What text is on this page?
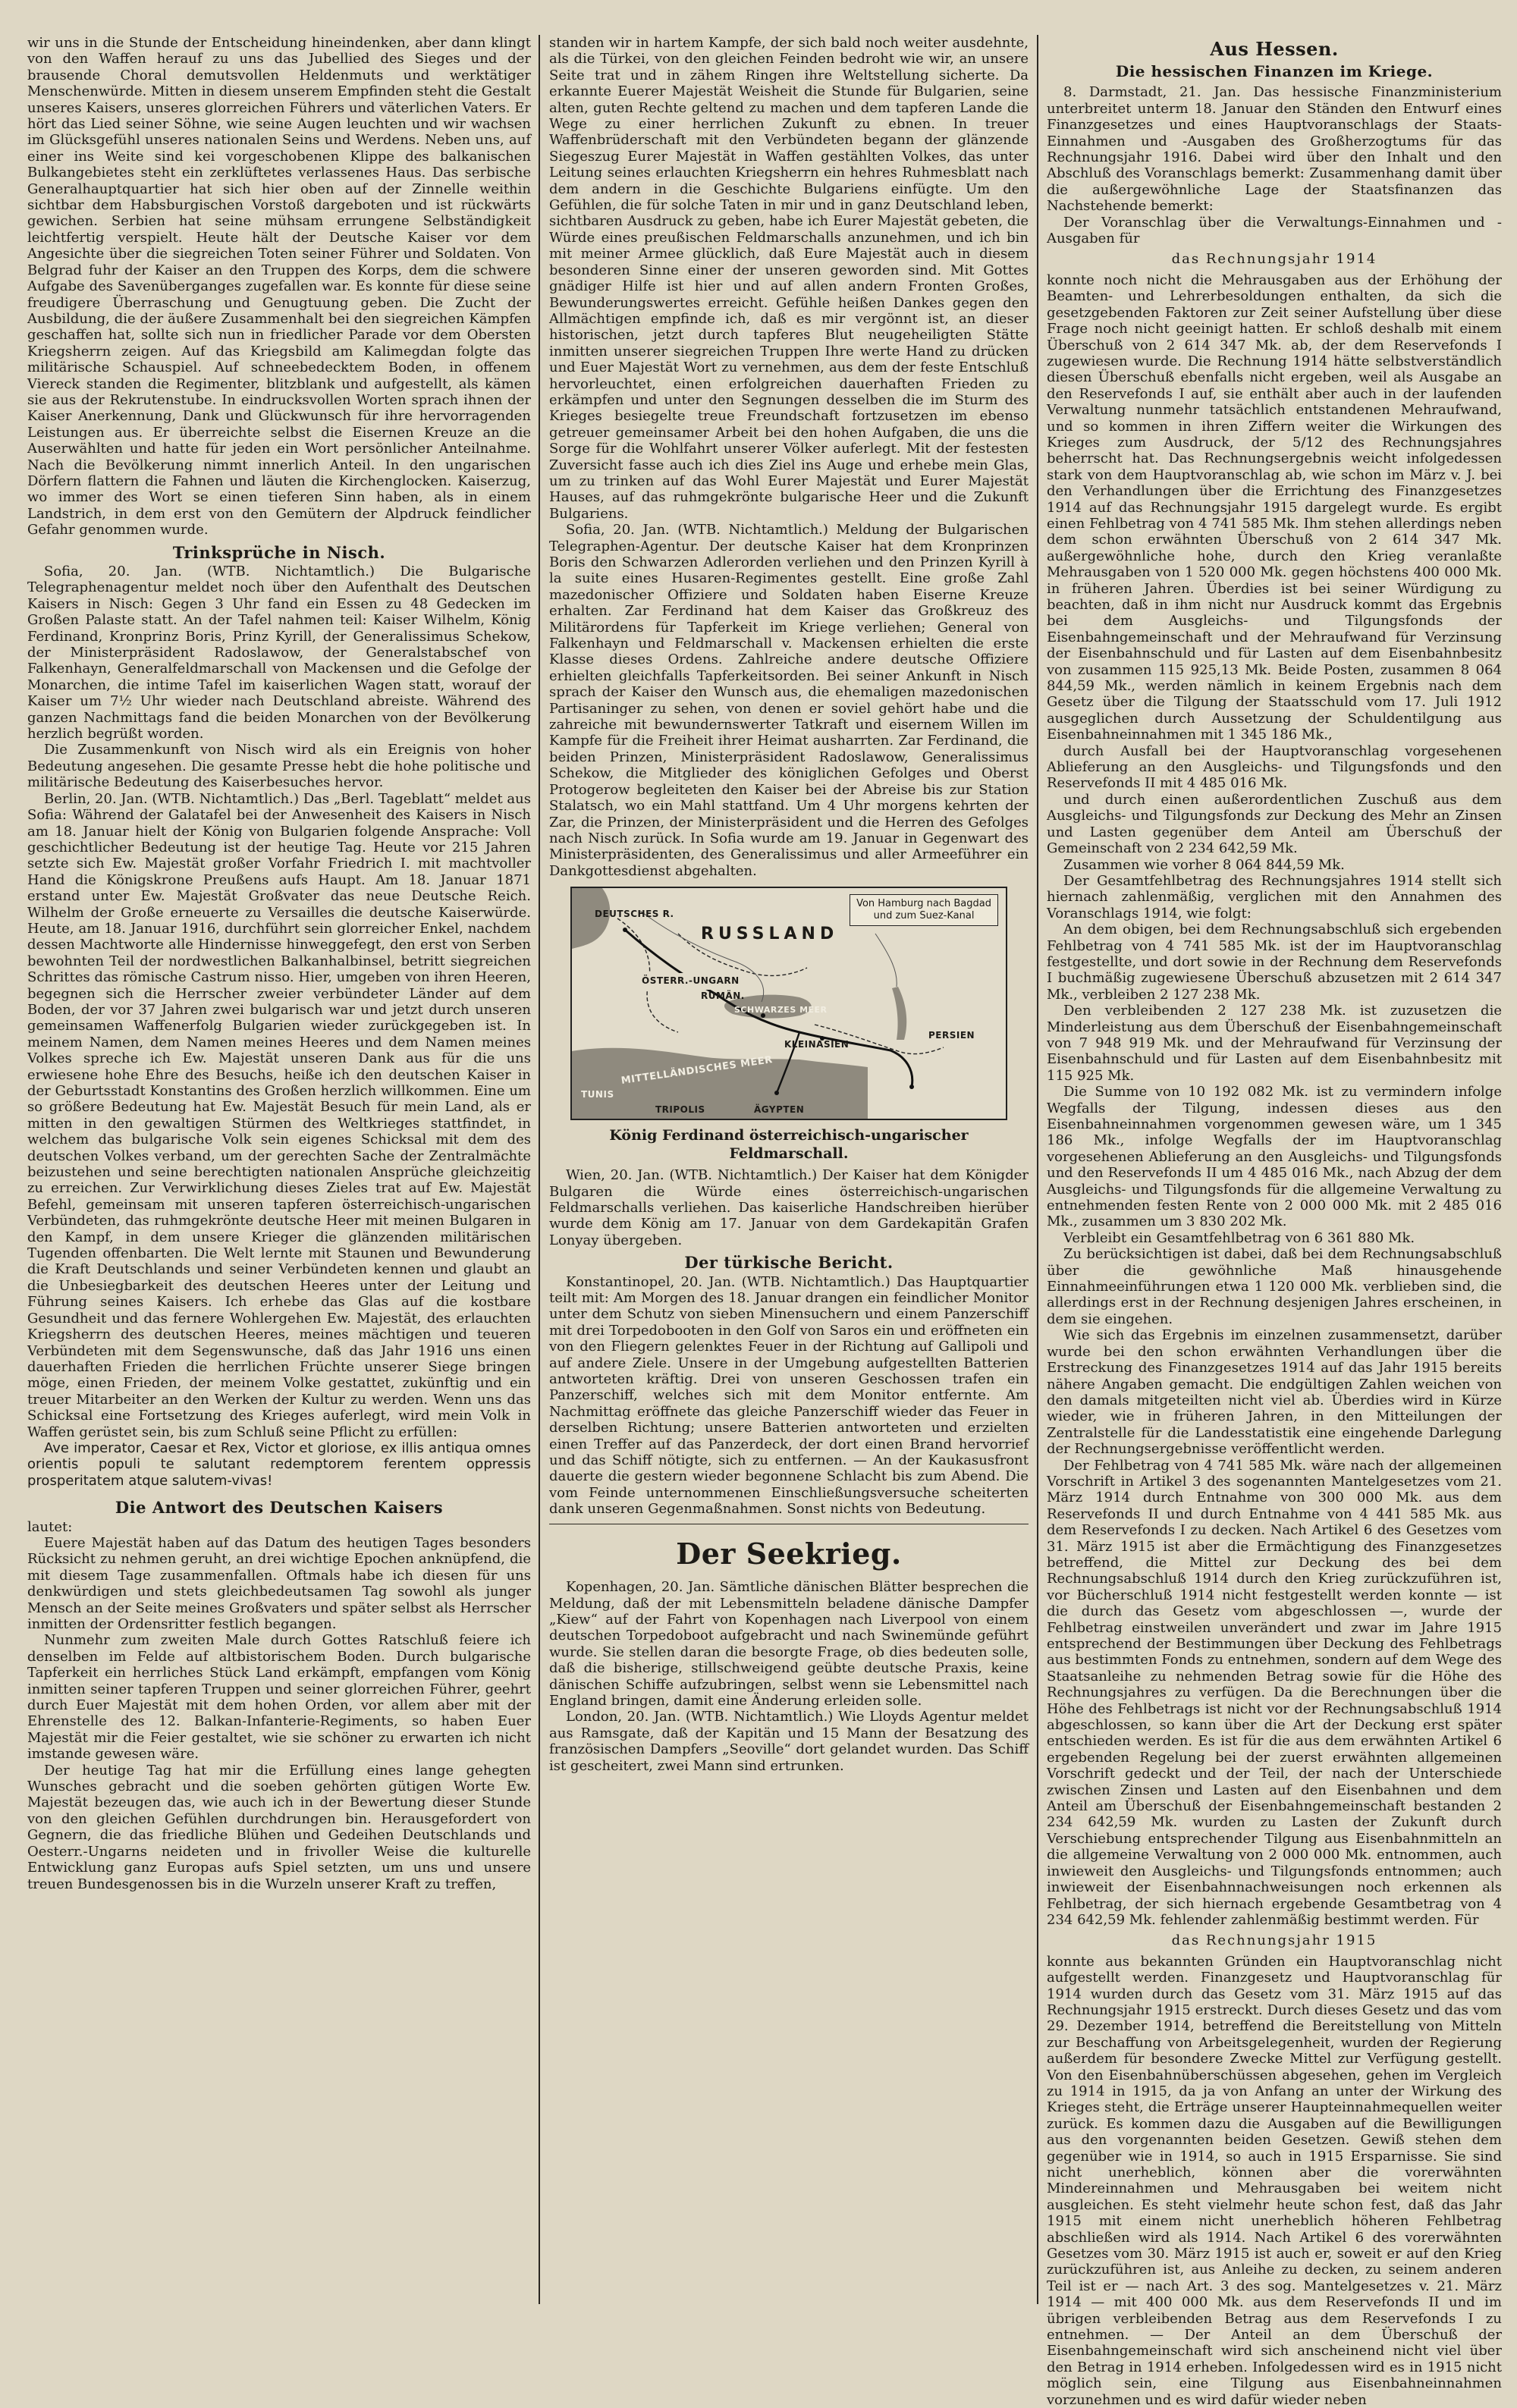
wir uns in die Stunde der Entscheidung hineindenken, aber dann klingt von den Waffen herauf zu uns das Jubellied des Sieges und der brausende Choral demutsvollen Heldenmuts und werktätiger Menschenwürde. Mitten in diesem unserem Empfinden steht die Gestalt unseres Kaisers, unseres glorreichen Führers und väterlichen Vaters. Er hört das Lied seiner Söhne, wie seine Augen leuchten und wir wachsen im Glücksgefühl unseres nationalen Seins und Werdens. Neben uns, auf einer ins Weite sind kei vorgeschobenen Klippe des balkanischen Bulkangebietes steht ein zerklüftetes verlassenes Haus. Das serbische Generalhauptquartier hat sich hier oben auf der Zinnelle weithin sichtbar dem Habsburgischen Vorstoß dargeboten und ist rückwärts gewichen. Serbien hat seine mühsam errungene Selbständigkeit leichtfertig verspielt. Heute hält der Deutsche Kaiser vor dem Angesichte über die siegreichen Toten seiner Führer und Soldaten. Von Belgrad fuhr der Kaiser an den Truppen des Korps, dem die schwere Aufgabe des Savenüberganges zugefallen war. Es konnte für diese seine freudigere Überraschung und Genugtuung geben. Die Zucht der Ausbildung, die der äußere Zusammenhalt bei den siegreichen Kämpfen geschaffen hat, sollte sich nun in friedlicher Parade vor dem Obersten Kriegsherrn zeigen. Auf das Kriegsbild am Kalimegdan folgte das militärische Schauspiel. Auf schneebedecktem Boden, in offenem Viereck standen die Regimenter, blitzblank und aufgestellt, als kämen sie aus der Rekrutenstube. In eindrucksvollen Worten sprach ihnen der Kaiser Anerkennung, Dank und Glückwunsch für ihre hervorragenden Leistungen aus. Er überreichte selbst die Eisernen Kreuze an die Auserwählten und hatte für jeden ein Wort persönlicher Anteilnahme. Nach die Bevölkerung nimmt innerlich Anteil. In den ungarischen Dörfern flattern die Fahnen und läuten die Kirchenglocken. Kaiserzug, wo immer des Wort se einen tieferen Sinn haben, als in einem Landstrich, in dem erst von den Gemütern der Alpdruck feindlicher Gefahr genommen wurde.

Trinksprüche in Nisch.

Sofia, 20. Jan. (WTB. Nichtamtlich.) Die Bulgarische Telegraphenagentur meldet noch über den Aufenthalt des Deutschen Kaisers in Nisch: Gegen 3 Uhr fand ein Essen zu 48 Gedecken im Großen Palaste statt. An der Tafel nahmen teil: Kaiser Wilhelm, König Ferdinand, Kronprinz Boris, Prinz Kyrill, der Generalissimus Schekow, der Ministerpräsident Radoslawow, der Generalstabschef von Falkenhayn, Generalfeldmarschall von Mackensen und die Gefolge der Monarchen, die intime Tafel im kaiserlichen Wagen statt, worauf der Kaiser um 7½ Uhr wieder nach Deutschland abreiste. Während des ganzen Nachmittags fand die beiden Monarchen von der Bevölkerung herzlich begrüßt worden.

Die Zusammenkunft von Nisch wird als ein Ereignis von hoher Bedeutung angesehen. Die gesamte Presse hebt die hohe politische und militärische Bedeutung des Kaiserbesuches hervor.

Berlin, 20. Jan. (WTB. Nichtamtlich.) Das „Berl. Tageblatt“ meldet aus Sofia: Während der Galatafel bei der Anwesenheit des Kaisers in Nisch am 18. Januar hielt der König von Bulgarien folgende Ansprache: Voll geschichtlicher Bedeutung ist der heutige Tag. Heute vor 215 Jahren setzte sich Ew. Majestät großer Vorfahr Friedrich I. mit machtvoller Hand die Königskrone Preußens aufs Haupt. Am 18. Januar 1871 erstand unter Ew. Majestät Großvater das neue Deutsche Reich. Wilhelm der Große erneuerte zu Versailles die deutsche Kaiserwürde. Heute, am 18. Januar 1916, durchführt sein glorreicher Enkel, nachdem dessen Machtworte alle Hindernisse hinweggefegt, den erst von Serben bewohnten Teil der nordwestlichen Balkanhalbinsel, betritt siegreichen Schrittes das römische Castrum nisso. Hier, umgeben von ihren Heeren, begegnen sich die Herrscher zweier verbündeter Länder auf dem Boden, der vor 37 Jahren zwei bulgarisch war und jetzt durch unseren gemeinsamen Waffenerfolg Bulgarien wieder zurückgegeben ist. In meinem Namen, dem Namen meines Heeres und dem Namen meines Volkes spreche ich Ew. Majestät unseren Dank aus für die uns erwiesene hohe Ehre des Besuchs, heiße ich den deutschen Kaiser in der Geburtsstadt Konstantins des Großen herzlich willkommen. Eine um so größere Bedeutung hat Ew. Majestät Besuch für mein Land, als er mitten in den gewaltigen Stürmen des Weltkrieges stattfindet, in welchem das bulgarische Volk sein eigenes Schicksal mit dem des deutschen Volkes verband, um der gerechten Sache der Zentralmächte beizustehen und seine berechtigten nationalen Ansprüche gleichzeitig zu erreichen. Zur Verwirklichung dieses Zieles trat auf Ew. Majestät Befehl, gemeinsam mit unseren tapferen österreichisch-ungarischen Verbündeten, das ruhmgekrönte deutsche Heer mit meinen Bulgaren in den Kampf, in dem unsere Krieger die glänzenden militärischen Tugenden offenbarten. Die Welt lernte mit Staunen und Bewunderung die Kraft Deutschlands und seiner Verbündeten kennen und glaubt an die Unbesiegbarkeit des deutschen Heeres unter der Leitung und Führung seines Kaisers. Ich erhebe das Glas auf die kostbare Gesundheit und das fernere Wohlergehen Ew. Majestät, des erlauchten Kriegsherrn des deutschen Heeres, meines mächtigen und teueren Verbündeten mit dem Segenswunsche, daß das Jahr 1916 uns einen dauerhaften Frieden die herrlichen Früchte unserer Siege bringen möge, einen Frieden, der meinem Volke gestattet, zukünftig und ein treuer Mitarbeiter an den Werken der Kultur zu werden. Wenn uns das Schicksal eine Fortsetzung des Krieges auferlegt, wird mein Volk in Waffen gerüstet sein, bis zum Schluß seine Pflicht zu erfüllen:

Ave imperator, Caesar et Rex, Victor et gloriose, ex illis antiqua omnes orientis populi te salutant redemptorem ferentem oppressis prosperitatem atque salutem-vivas!

Die Antwort des Deutschen Kaisers

lautet:

Euere Majestät haben auf das Datum des heutigen Tages besonders Rücksicht zu nehmen geruht, an drei wichtige Epochen anknüpfend, die mit diesem Tage zusammenfallen. Oftmals habe ich diesen für uns denkwürdigen und stets gleichbedeutsamen Tag sowohl als junger Mensch an der Seite meines Großvaters und später selbst als Herrscher inmitten der Ordensritter festlich begangen.

Nunmehr zum zweiten Male durch Gottes Ratschluß feiere ich denselben im Felde auf altbistorischem Boden. Durch bulgarische Tapferkeit ein herrliches Stück Land erkämpft, empfangen vom König inmitten seiner tapferen Truppen und seiner glorreichen Führer, geehrt durch Euer Majestät mit dem hohen Orden, vor allem aber mit der Ehrenstelle des 12. Balkan-Infanterie-Regiments, so haben Euer Majestät mir die Feier gestaltet, wie sie schöner zu erwarten ich nicht imstande gewesen wäre.

Der heutige Tag hat mir die Erfüllung eines lange gehegten Wunsches gebracht und die soeben gehörten gütigen Worte Ew. Majestät bezeugen das, wie auch ich in der Bewertung dieser Stunde von den gleichen Gefühlen durchdrungen bin. Herausgefordert von Gegnern, die das friedliche Blühen und Gedeihen Deutschlands und Oesterr.-Ungarns neideten und in frivoller Weise die kulturelle Entwicklung ganz Europas aufs Spiel setzten, um uns und unsere treuen Bundesgenossen bis in die Wurzeln unserer Kraft zu treffen,

standen wir in hartem Kampfe, der sich bald noch weiter ausdehnte, als die Türkei, von den gleichen Feinden bedroht wie wir, an unsere Seite trat und in zähem Ringen ihre Weltstellung sicherte. Da erkannte Euerer Majestät Weisheit die Stunde für Bulgarien, seine alten, guten Rechte geltend zu machen und dem tapferen Lande die Wege zu einer herrlichen Zukunft zu ebnen. In treuer Waffenbrüderschaft mit den Verbündeten begann der glänzende Siegeszug Eurer Majestät in Waffen gestählten Volkes, das unter Leitung seines erlauchten Kriegsherrn ein hehres Ruhmesblatt nach dem andern in die Geschichte Bulgariens einfügte. Um den Gefühlen, die für solche Taten in mir und in ganz Deutschland leben, sichtbaren Ausdruck zu geben, habe ich Eurer Majestät gebeten, die Würde eines preußischen Feldmarschalls anzunehmen, und ich bin mit meiner Armee glücklich, daß Eure Majestät auch in diesem besonderen Sinne einer der unseren geworden sind. Mit Gottes gnädiger Hilfe ist hier und auf allen andern Fronten Großes, Bewunderungswertes erreicht. Gefühle heißen Dankes gegen den Allmächtigen empfinde ich, daß es mir vergönnt ist, an dieser historischen, jetzt durch tapferes Blut neugeheiligten Stätte inmitten unserer siegreichen Truppen Ihre werte Hand zu drücken und Euer Majestät Wort zu vernehmen, aus dem der feste Entschluß hervorleuchtet, einen erfolgreichen dauerhaften Frieden zu erkämpfen und unter den Segnungen desselben die im Sturm des Krieges besiegelte treue Freundschaft fortzusetzen im ebenso getreuer gemeinsamer Arbeit bei den hohen Aufgaben, die uns die Sorge für die Wohlfahrt unserer Völker auferlegt. Mit der festesten Zuversicht fasse auch ich dies Ziel ins Auge und erhebe mein Glas, um zu trinken auf das Wohl Eurer Majestät und Eurer Majestät Hauses, auf das ruhmgekrönte bulgarische Heer und die Zukunft Bulgariens.

Sofia, 20. Jan. (WTB. Nichtamtlich.) Meldung der Bulgarischen Telegraphen-Agentur. Der deutsche Kaiser hat dem Kronprinzen Boris den Schwarzen Adlerorden verliehen und den Prinzen Kyrill à la suite eines Husaren-Regimentes gestellt. Eine große Zahl mazedonischer Offiziere und Soldaten haben Eiserne Kreuze erhalten. Zar Ferdinand hat dem Kaiser das Großkreuz des Militärordens für Tapferkeit im Kriege verliehen; General von Falkenhayn und Feldmarschall v. Mackensen erhielten die erste Klasse dieses Ordens. Zahlreiche andere deutsche Offiziere erhielten gleichfalls Tapferkeitsorden. Bei seiner Ankunft in Nisch sprach der Kaiser den Wunsch aus, die ehemaligen mazedonischen Partisaninger zu sehen, von denen er soviel gehört habe und die zahreiche mit bewundernswerter Tatkraft und eisernem Willen im Kampfe für die Freiheit ihrer Heimat ausharrten. Zar Ferdinand, die beiden Prinzen, Ministerpräsident Radoslawow, Generalissimus Schekow, die Mitglieder des königlichen Gefolges und Oberst Protogerow begleiteten den Kaiser bei der Abreise bis zur Station Stalatsch, wo ein Mahl stattfand. Um 4 Uhr morgens kehrten der Zar, die Prinzen, der Ministerpräsident und die Herren des Gefolges nach Nisch zurück. In Sofia wurde am 19. Januar in Gegenwart des Ministerpräsidenten, des Generalissimus und aller Armeeführer ein Dankgottesdienst abgehalten.

Von Hamburg nach Bagdad
und zum Suez-Kanal
DEUTSCHES R.
RUSSLAND
ÖSTERR.-UNGARN
RUMÄN.
SCHWARZES MEER
KLEINASIEN
PERSIEN
MITTELLÄNDISCHES MEER
TUNIS
TRIPOLIS	ÄGYPTEN
König Ferdinand österreichisch-ungarischer
Feldmarschall.

Wien, 20. Jan. (WTB. Nichtamtlich.) Der Kaiser hat dem Königder Bulgaren die Würde eines österreichisch-ungarischen Feldmarschalls verliehen. Das kaiserliche Handschreiben hierüber wurde dem König am 17. Januar von dem Gardekapitän Grafen Lonyay übergeben.

Der türkische Bericht.

Konstantinopel, 20. Jan. (WTB. Nichtamtlich.) Das Hauptquartier teilt mit: Am Morgen des 18. Januar drangen ein feindlicher Monitor unter dem Schutz von sieben Minensuchern und einem Panzerschiff mit drei Torpedobooten in den Golf von Saros ein und eröffneten ein von den Fliegern gelenktes Feuer in der Richtung auf Gallipoli und auf andere Ziele. Unsere in der Umgebung aufgestellten Batterien antworteten kräftig. Drei von unseren Geschossen trafen ein Panzerschiff, welches sich mit dem Monitor entfernte. Am Nachmittag eröffnete das gleiche Panzerschiff wieder das Feuer in derselben Richtung; unsere Batterien antworteten und erzielten einen Treffer auf das Panzerdeck, der dort einen Brand hervorrief und das Schiff nötigte, sich zu entfernen. — An der Kaukasusfront dauerte die gestern wieder begonnene Schlacht bis zum Abend. Die vom Feinde unternommenen Einschließungsversuche scheiterten dank unseren Gegenmaßnahmen. Sonst nichts von Bedeutung.

Der Seekrieg.

Kopenhagen, 20. Jan. Sämtliche dänischen Blätter besprechen die Meldung, daß der mit Lebensmitteln beladene dänische Dampfer „Kiew“ auf der Fahrt von Kopenhagen nach Liverpool von einem deutschen Torpedoboot aufgebracht und nach Swinemünde geführt wurde. Sie stellen daran die besorgte Frage, ob dies bedeuten solle, daß die bisherige, stillschweigend geübte deutsche Praxis, keine dänischen Schiffe aufzubringen, selbst wenn sie Lebensmittel nach England bringen, damit eine Änderung erleiden solle.

London, 20. Jan. (WTB. Nichtamtlich.) Wie Lloyds Agentur meldet aus Ramsgate, daß der Kapitän und 15 Mann der Besatzung des französischen Dampfers „Seoville“ dort gelandet wurden. Das Schiff ist gescheitert, zwei Mann sind ertrunken.

Aus Hessen.
Die hessischen Finanzen im Kriege.

8. Darmstadt, 21. Jan. Das hessische Finanzministerium unterbreitet unterm 18. Januar den Ständen den Entwurf eines Finanzgesetzes und eines Hauptvoranschlags der Staats-Einnahmen und -Ausgaben des Großherzogtums für das Rechnungsjahr 1916. Dabei wird über den Inhalt und den Abschluß des Voranschlags bemerkt: Zusammenhang damit über die außergewöhnliche Lage der Staatsfinanzen das Nachstehende bemerkt:

Der Voranschlag über die Verwaltungs-Einnahmen und -Ausgaben für

das Rechnungsjahr 1914

konnte noch nicht die Mehrausgaben aus der Erhöhung der Beamten- und Lehrerbesoldungen enthalten, da sich die gesetzgebenden Faktoren zur Zeit seiner Aufstellung über diese Frage noch nicht geeinigt hatten. Er schloß deshalb mit einem Überschuß von 2 614 347 Mk. ab, der dem Reservefonds I zugewiesen wurde. Die Rechnung 1914 hätte selbstverständlich diesen Überschuß ebenfalls nicht ergeben, weil als Ausgabe an den Reservefonds I auf, sie enthält aber auch in der laufenden Verwaltung nunmehr tatsächlich entstandenen Mehraufwand, und so kommen in ihren Ziffern weiter die Wirkungen des Krieges zum Ausdruck, der 5/12 des Rechnungsjahres beherrscht hat. Das Rechnungsergebnis weicht infolgedessen stark von dem Hauptvoranschlag ab, wie schon im März v. J. bei den Verhandlungen über die Errichtung des Finanzgesetzes 1914 auf das Rechnungsjahr 1915 dargelegt wurde. Es ergibt einen Fehlbetrag von 4 741 585 Mk. Ihm stehen allerdings neben dem schon erwähnten Überschuß von 2 614 347 Mk. außergewöhnliche hohe, durch den Krieg veranlaßte Mehrausgaben von 1 520 000 Mk. gegen höchstens 400 000 Mk. in früheren Jahren. Überdies ist bei seiner Würdigung zu beachten, daß in ihm nicht nur Ausdruck kommt das Ergebnis bei dem Ausgleichs- und Tilgungsfonds der Eisenbahngemeinschaft und der Mehraufwand für Verzinsung der Eisenbahnschuld und für Lasten auf dem Eisenbahnbesitz von zusammen 115 925,13 Mk. Beide Posten, zusammen 8 064 844,59 Mk., werden nämlich in keinem Ergebnis nach dem Gesetz über die Tilgung der Staatsschuld vom 17. Juli 1912 ausgeglichen durch Aussetzung der Schuldentilgung aus Eisenbahneinnahmen mit 1 345 186 Mk.,

durch Ausfall bei der Hauptvoranschlag vorgesehenen Ablieferung an den Ausgleichs- und Tilgungsfonds und den Reservefonds II mit 4 485 016 Mk.

und durch einen außerordentlichen Zuschuß aus dem Ausgleichs- und Tilgungsfonds zur Deckung des Mehr an Zinsen und Lasten gegenüber dem Anteil am Überschuß der Gemeinschaft von 2 234 642,59 Mk.

Zusammen wie vorher 8 064 844,59 Mk.

Der Gesamtfehlbetrag des Rechnungsjahres 1914 stellt sich hiernach zahlenmäßig, verglichen mit den Annahmen des Voranschlags 1914, wie folgt:

An dem obigen, bei dem Rechnungsabschluß sich ergebenden Fehlbetrag von 4 741 585 Mk. ist der im Hauptvoranschlag festgestellte, und dort sowie in der Rechnung dem Reservefonds I buchmäßig zugewiesene Überschuß abzusetzen mit 2 614 347 Mk., verbleiben 2 127 238 Mk.

Den verbleibenden 2 127 238 Mk. ist zuzusetzen die Minderleistung aus dem Überschuß der Eisenbahngemeinschaft von 7 948 919 Mk. und der Mehraufwand für Verzinsung der Eisenbahnschuld und für Lasten auf dem Eisenbahnbesitz mit 115 925 Mk.

Die Summe von 10 192 082 Mk. ist zu vermindern infolge Wegfalls der Tilgung, indessen dieses aus den Eisenbahneinnahmen vorgenommen gewesen wäre, um 1 345 186 Mk., infolge Wegfalls der im Hauptvoranschlag vorgesehenen Ablieferung an den Ausgleichs- und Tilgungsfonds und den Reservefonds II um 4 485 016 Mk., nach Abzug der dem Ausgleichs- und Tilgungsfonds für die allgemeine Verwaltung zu entnehmenden festen Rente von 2 000 000 Mk. mit 2 485 016 Mk., zusammen um 3 830 202 Mk.

Verbleibt ein Gesamtfehlbetrag von 6 361 880 Mk.

Zu berücksichtigen ist dabei, daß bei dem Rechnungsabschluß über die gewöhnliche Maß hinausgehende Einnahmeeinführungen etwa 1 120 000 Mk. verblieben sind, die allerdings erst in der Rechnung desjenigen Jahres erscheinen, in dem sie eingehen.

Wie sich das Ergebnis im einzelnen zusammensetzt, darüber wurde bei den schon erwähnten Verhandlungen über die Erstreckung des Finanzgesetzes 1914 auf das Jahr 1915 bereits nähere Angaben gemacht. Die endgültigen Zahlen weichen von den damals mitgeteilten nicht viel ab. Überdies wird in Kürze wieder, wie in früheren Jahren, in den Mitteilungen der Zentralstelle für die Landesstatistik eine eingehende Darlegung der Rechnungsergebnisse veröffentlicht werden.

Der Fehlbetrag von 4 741 585 Mk. wäre nach der allgemeinen Vorschrift in Artikel 3 des sogenannten Mantelgesetzes vom 21. März 1914 durch Entnahme von 300 000 Mk. aus dem Reservefonds II und durch Entnahme von 4 441 585 Mk. aus dem Reservefonds I zu decken. Nach Artikel 6 des Gesetzes vom 31. März 1915 ist aber die Ermächtigung des Finanzgesetzes betreffend, die Mittel zur Deckung des bei dem Rechnungsabschluß 1914 durch den Krieg zurückzuführen ist, vor Bücherschluß 1914 nicht festgestellt werden konnte — ist die durch das Gesetz vom abgeschlossen —, wurde der Fehlbetrag einstweilen unverändert und zwar im Jahre 1915 entsprechend der Bestimmungen über Deckung des Fehlbetrags aus bestimmten Fonds zu entnehmen, sondern auf dem Wege des Staatsanleihe zu nehmenden Betrag sowie für die Höhe des Rechnungsjahres zu verfügen. Da die Berechnungen über die Höhe des Fehlbetrags ist nicht vor der Rechnungsabschluß 1914 abgeschlossen, so kann über die Art der Deckung erst später entschieden werden. Es ist für die aus dem erwähnten Artikel 6 ergebenden Regelung bei der zuerst erwähnten allgemeinen Vorschrift gedeckt und der Teil, der nach der Unterschiede zwischen Zinsen und Lasten auf den Eisenbahnen und dem Anteil am Überschuß der Eisenbahngemeinschaft bestanden 2 234 642,59 Mk. wurden zu Lasten der Zukunft durch Verschiebung entsprechender Tilgung aus Eisenbahnmitteln an die allgemeine Verwaltung von 2 000 000 Mk. entnommen, auch inwieweit den Ausgleichs- und Tilgungsfonds entnommen; auch inwieweit der Eisenbahnnachweisungen noch erkennen als Fehlbetrag, der sich hiernach ergebende Gesamtbetrag von 4 234 642,59 Mk. fehlender zahlenmäßig bestimmt werden. Für

das Rechnungsjahr 1915

konnte aus bekannten Gründen ein Hauptvoranschlag nicht aufgestellt werden. Finanzgesetz und Hauptvoranschlag für 1914 wurden durch das Gesetz vom 31. März 1915 auf das Rechnungsjahr 1915 erstreckt. Durch dieses Gesetz und das vom 29. Dezember 1914, betreffend die Bereitstellung von Mitteln zur Beschaffung von Arbeitsgelegenheit, wurden der Regierung außerdem für besondere Zwecke Mittel zur Verfügung gestellt. Von den Eisenbahnüberschüssen abgesehen, gehen im Vergleich zu 1914 in 1915, da ja von Anfang an unter der Wirkung des Krieges steht, die Erträge unserer Haupteinnahmequellen weiter zurück. Es kommen dazu die Ausgaben auf die Bewilligungen aus den vorgenannten beiden Gesetzen. Gewiß stehen dem gegenüber wie in 1914, so auch in 1915 Ersparnisse. Sie sind nicht unerheblich, können aber die vorerwähnten Mindereinnahmen und Mehrausgaben bei weitem nicht ausgleichen. Es steht vielmehr heute schon fest, daß das Jahr 1915 mit einem nicht unerheblich höheren Fehlbetrag abschließen wird als 1914. Nach Artikel 6 des vorerwähnten Gesetzes vom 30. März 1915 ist auch er, soweit er auf den Krieg zurückzuführen ist, aus Anleihe zu decken, zu seinem anderen Teil ist er — nach Art. 3 des sog. Mantelgesetzes v. 21. März 1914 — mit 400 000 Mk. aus dem Reservefonds II und im übrigen verbleibenden Betrag aus dem Reservefonds I zu entnehmen. — Der Anteil an dem Überschuß der Eisenbahngemeinschaft wird sich anscheinend nicht viel über den Betrag in 1914 erheben. Infolgedessen wird es in 1915 nicht möglich sein, eine Tilgung aus Eisenbahneinnahmen vorzunehmen und es wird dafür wieder neben
